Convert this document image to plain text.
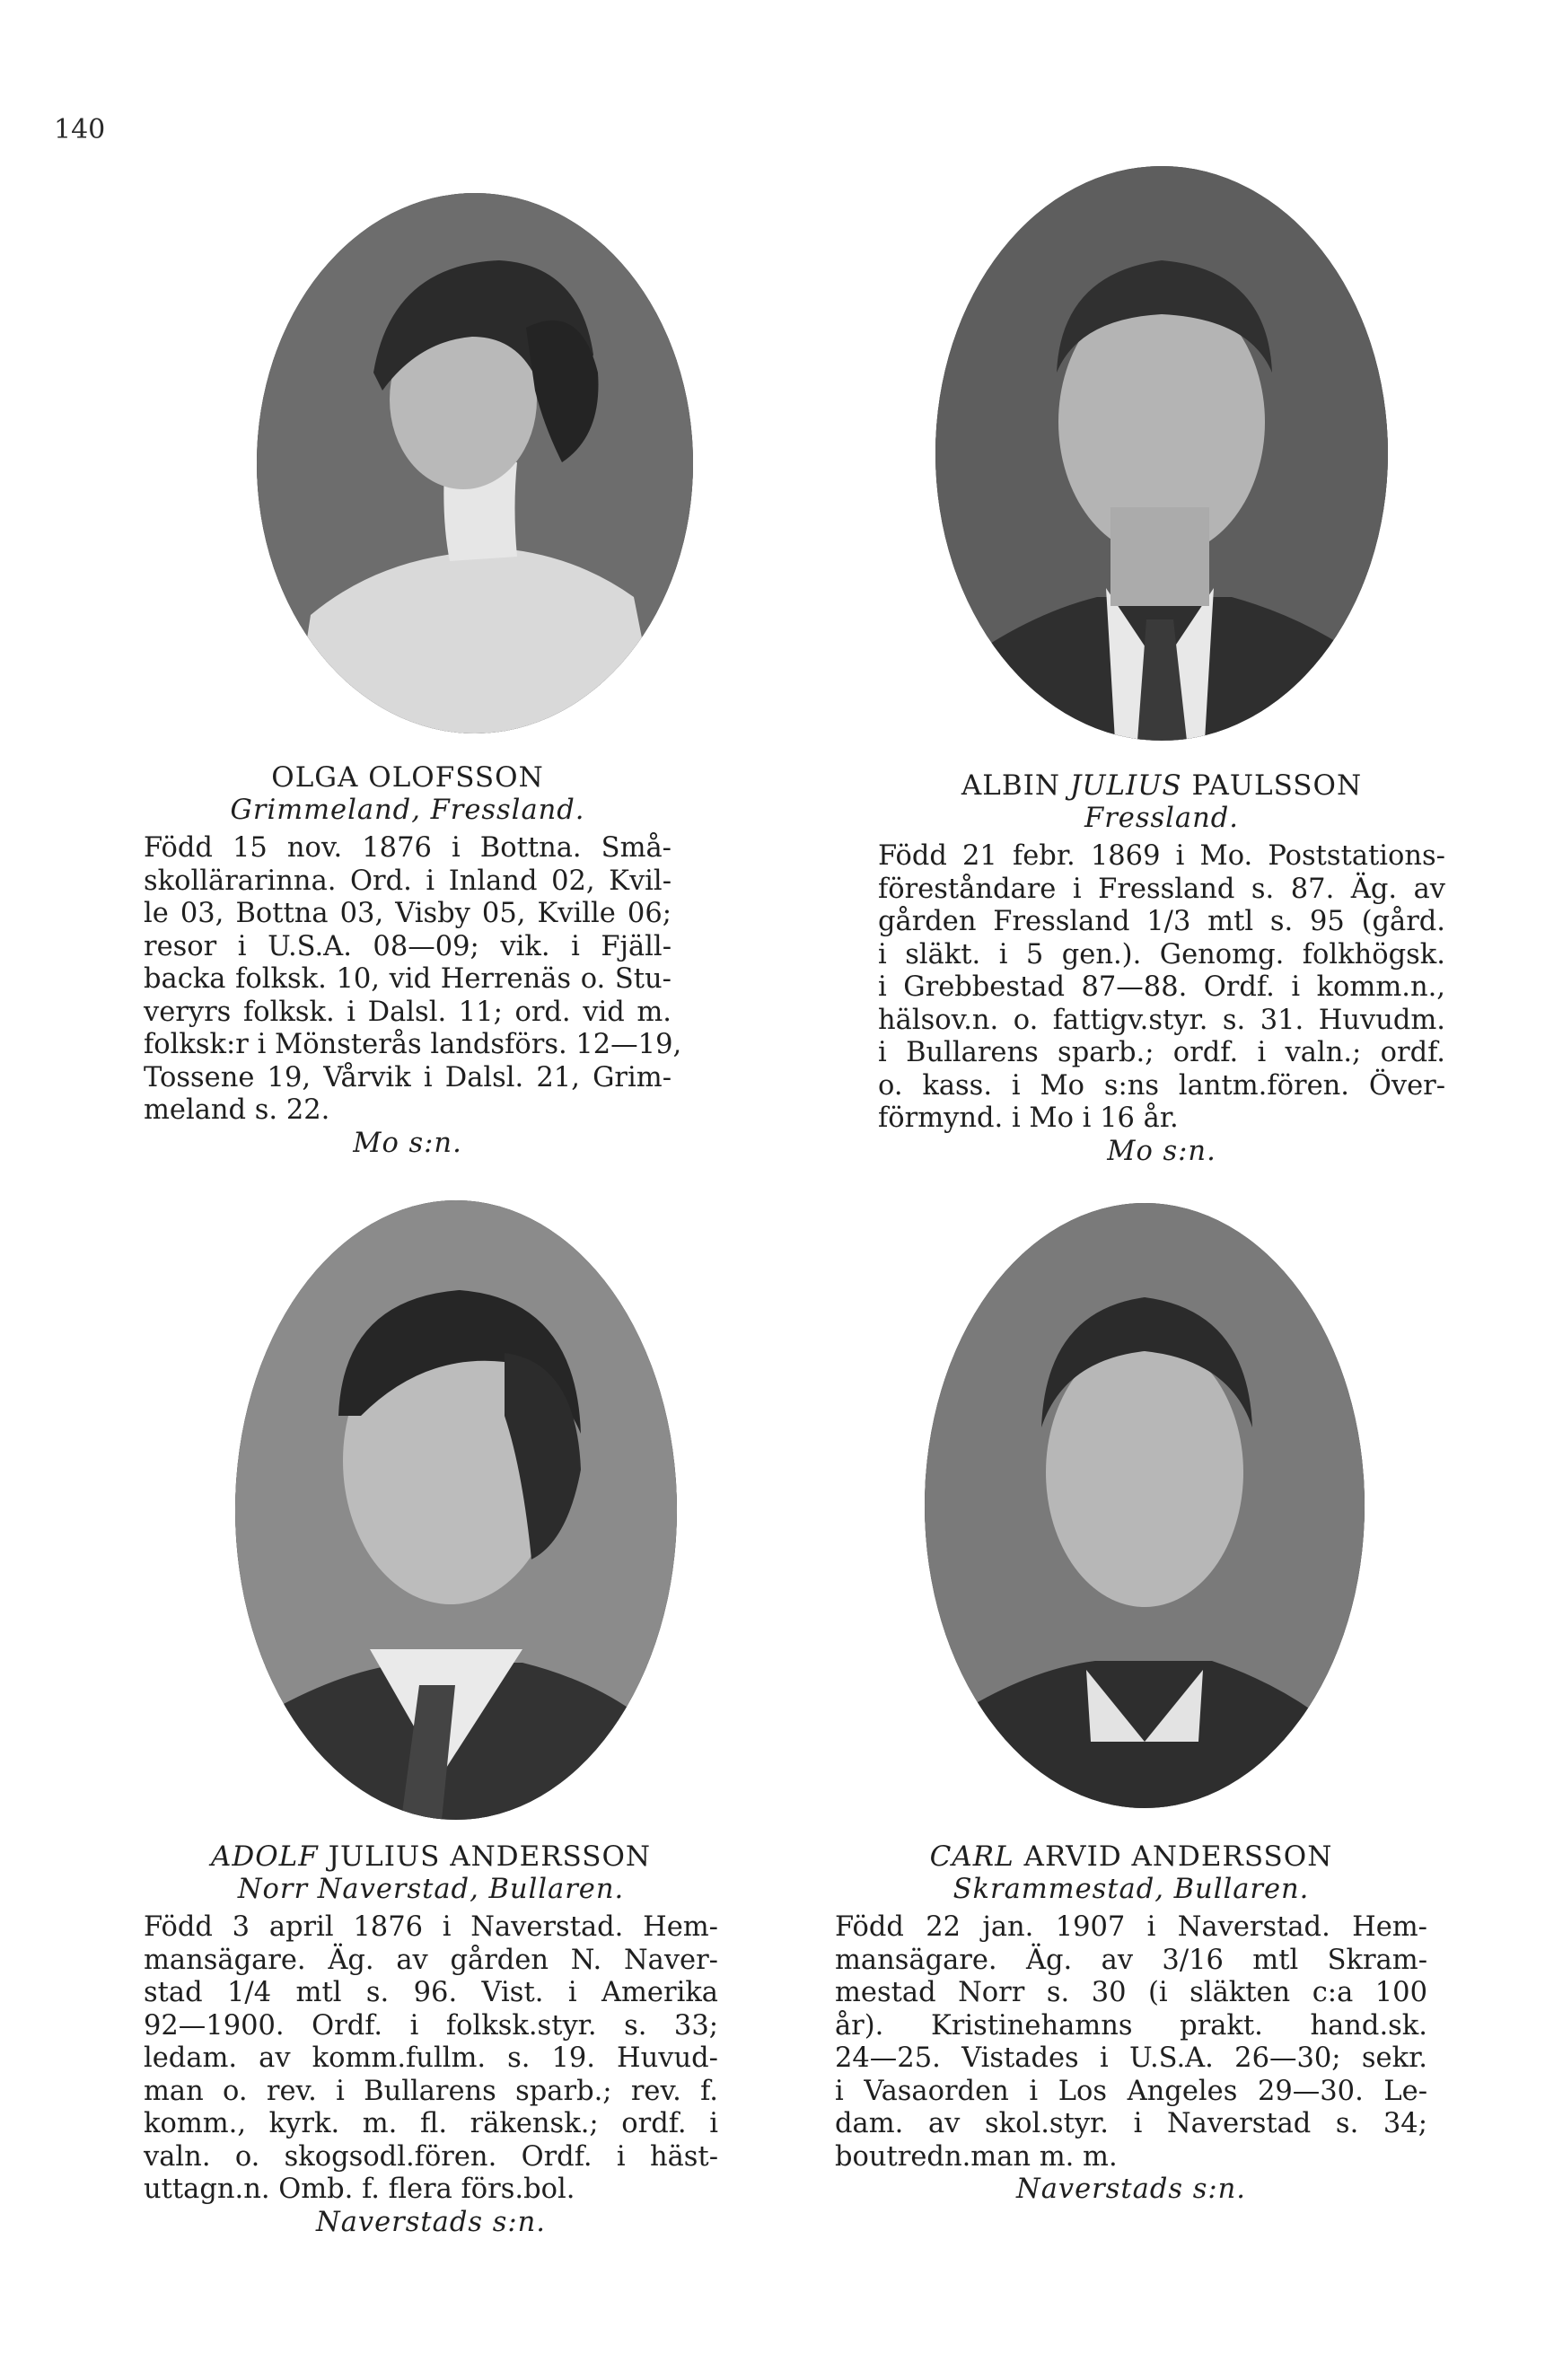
140
OLGA OLOFSSON
Grimmeland, Fressland.
Född 15 nov. 1876 i Bottna. Små-
skollärarinna. Ord. i Inland 02, Kvil-
le 03, Bottna 03, Visby 05, Kville 06;
resor i U.S.A. 08—09; vik. i Fjäll-
backa folksk. 10, vid Herrenäs o. Stu-
veryrs folksk. i Dalsl. 11; ord. vid m.
folksk:r i Mönsterås landsförs. 12—19,
Tossene 19, Vårvik i Dalsl. 21, Grim-
meland s. 22.
Mo s:n.
ALBIN JULIUS PAULSSON
Fressland.
Född 21 febr. 1869 i Mo. Poststations-
föreståndare i Fressland s. 87. Äg. av
gården Fressland 1/3 mtl s. 95 (gård.
i släkt. i 5 gen.). Genomg. folkhögsk.
i Grebbestad 87—88. Ordf. i komm.n.,
hälsov.n. o. fattigv.styr. s. 31. Huvudm.
i Bullarens sparb.; ordf. i valn.; ordf.
o. kass. i Mo s:ns lantm.fören. Över-
förmynd. i Mo i 16 år.
Mo s:n.
ADOLF JULIUS ANDERSSON
Norr Naverstad, Bullaren.
Född 3 april 1876 i Naverstad. Hem-
mansägare. Äg. av gården N. Naver-
stad 1/4 mtl s. 96. Vist. i Amerika
92—1900. Ordf. i folksk.styr. s. 33;
ledam. av komm.fullm. s. 19. Huvud-
man o. rev. i Bullarens sparb.; rev. f.
komm., kyrk. m. fl. räkensk.; ordf. i
valn. o. skogsodl.fören. Ordf. i häst-
uttagn.n. Omb. f. flera förs.bol.
Naverstads s:n.
CARL ARVID ANDERSSON
Skrammestad, Bullaren.
Född 22 jan. 1907 i Naverstad. Hem-
mansägare. Äg. av 3/16 mtl Skram-
mestad Norr s. 30 (i släkten c:a 100
år). Kristinehamns prakt. hand.sk.
24—25. Vistades i U.S.A. 26—30; sekr.
i Vasaorden i Los Angeles 29—30. Le-
dam. av skol.styr. i Naverstad s. 34;
boutredn.man m. m.
Naverstads s:n.
